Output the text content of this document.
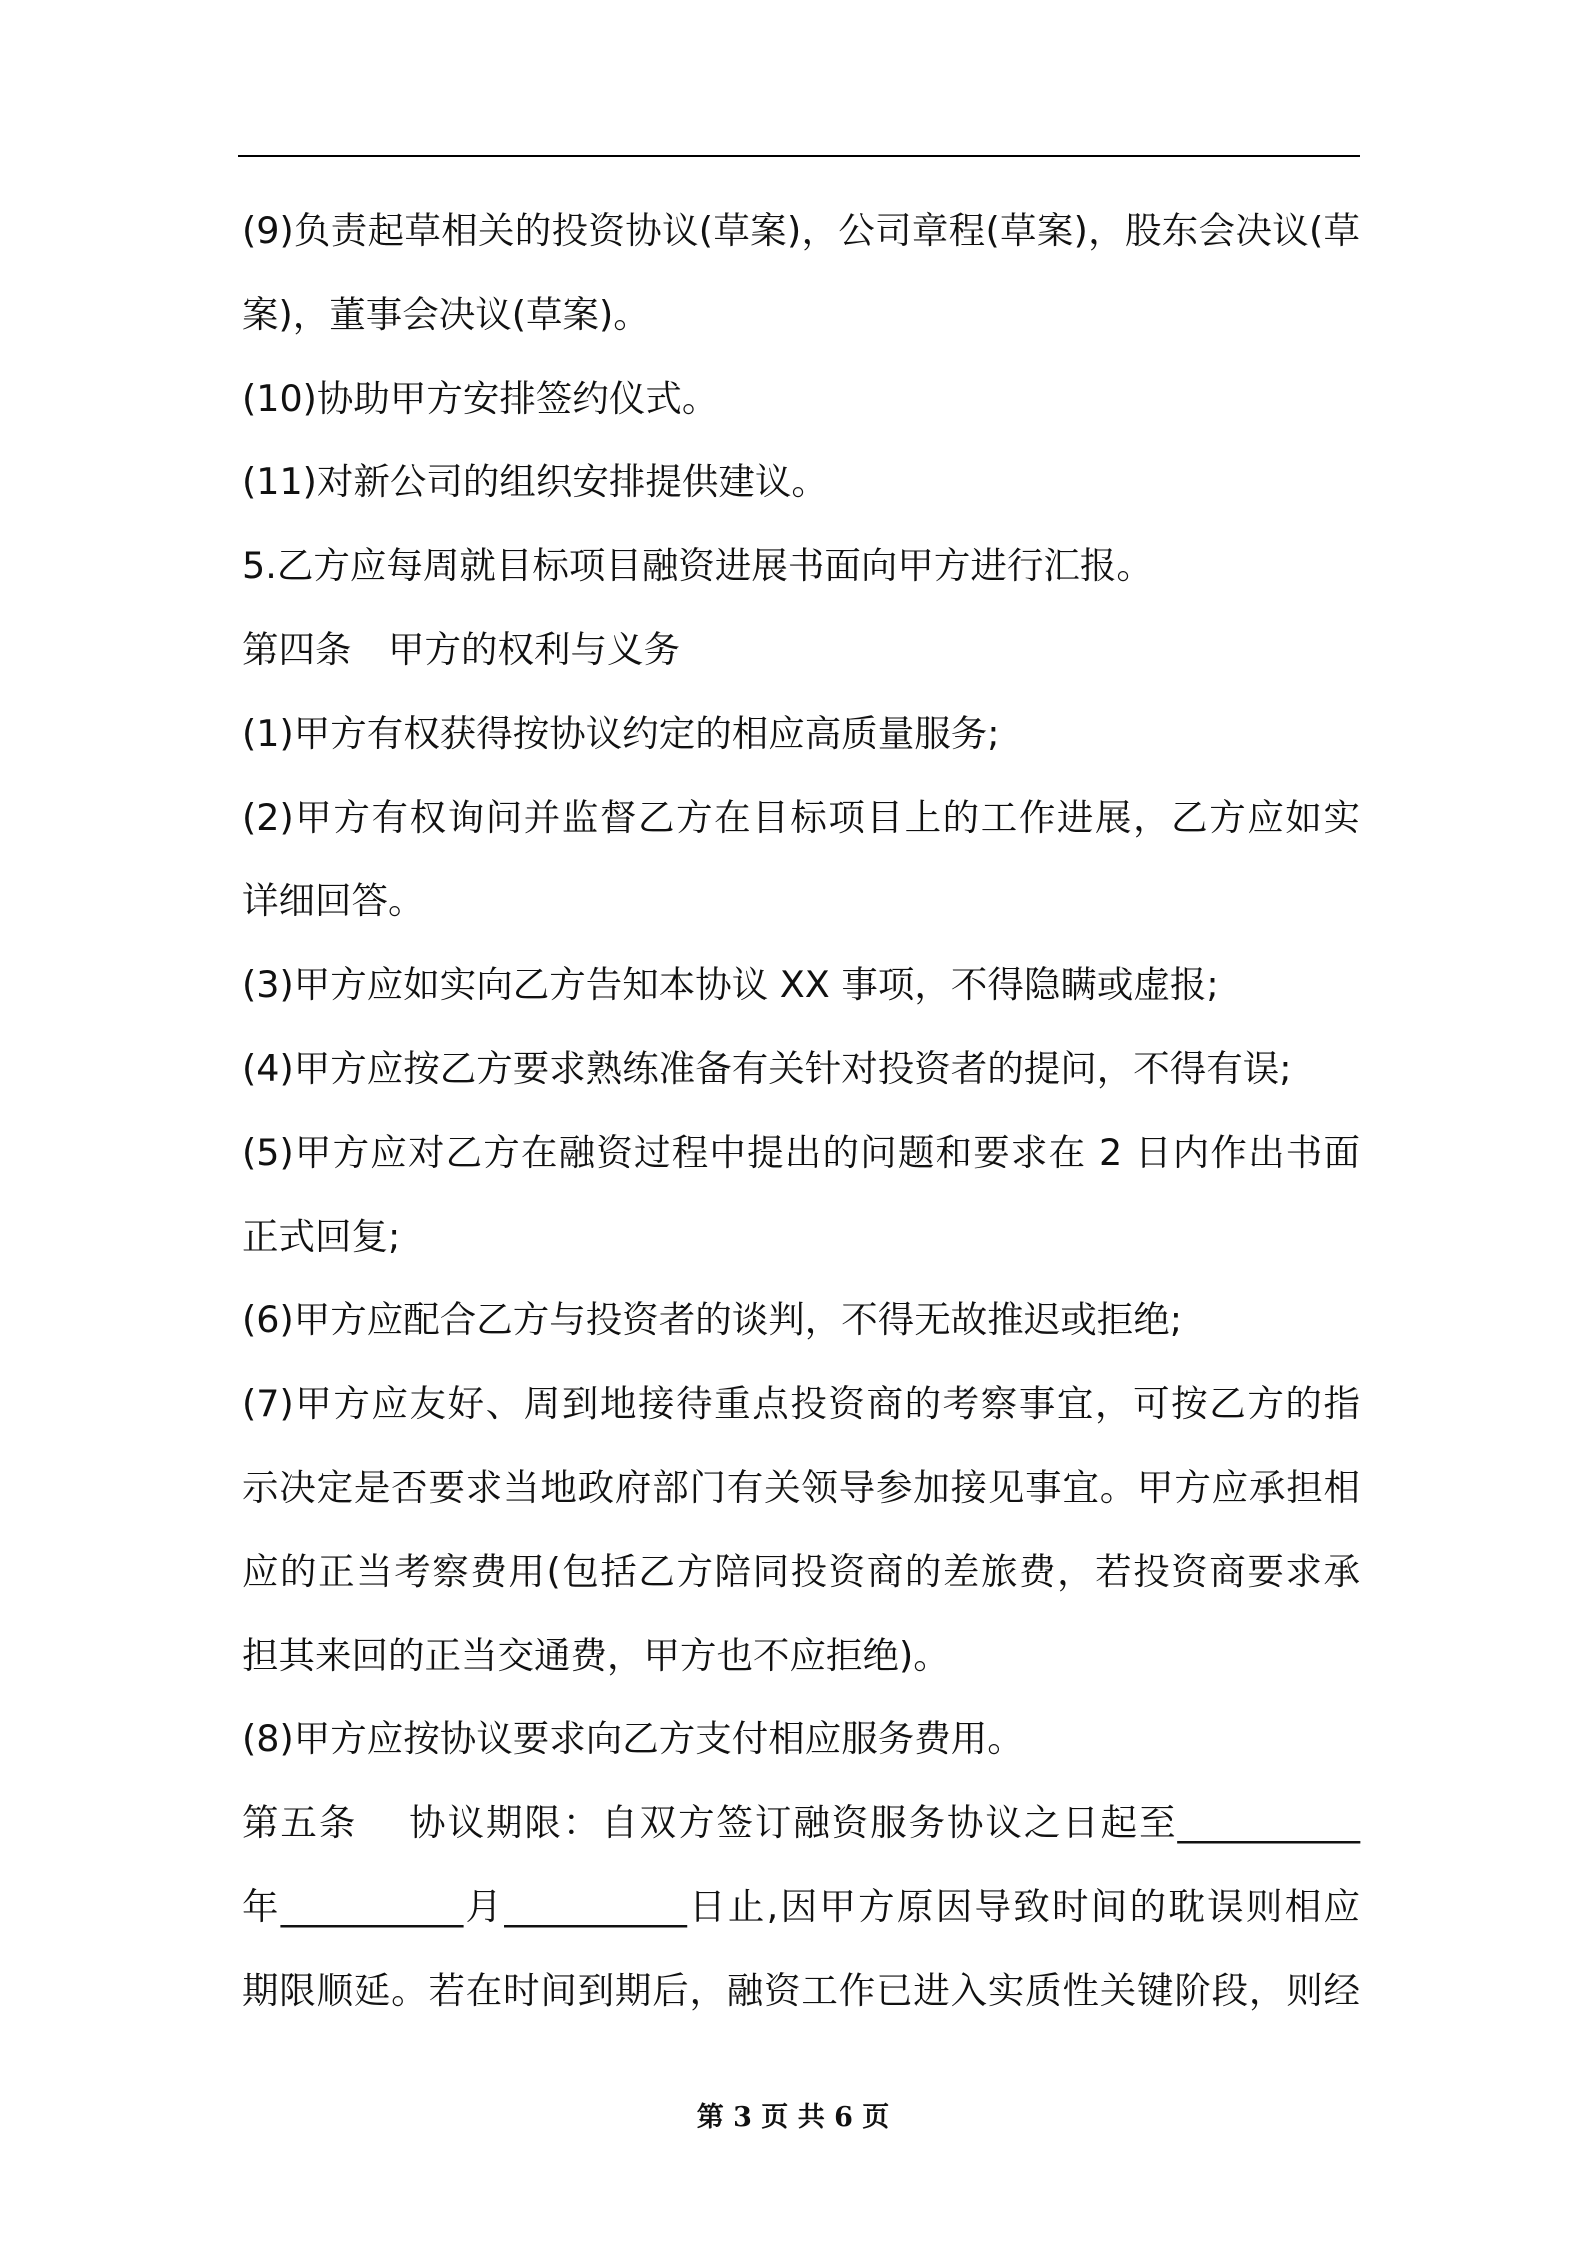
(9)负责起草相关的投资协议(草案)，公司章程(草案)，股东会决议(草
案)，董事会决议(草案)。
(10)协助甲方安排签约仪式。
(11)对新公司的组织安排提供建议。
5.乙方应每周就目标项目融资进展书面向甲方进行汇报。
第四条　甲方的权利与义务
(1)甲方有权获得按协议约定的相应高质量服务;
(2)甲方有权询问并监督乙方在目标项目上的工作进展，乙方应如实
详细回答。
(3)甲方应如实向乙方告知本协议 XX 事项，不得隐瞒或虚报;
(4)甲方应按乙方要求熟练准备有关针对投资者的提问，不得有误;
(5)甲方应对乙方在融资过程中提出的问题和要求在 2 日内作出书面
正式回复;
(6)甲方应配合乙方与投资者的谈判，不得无故推迟或拒绝;
(7)甲方应友好、周到地接待重点投资商的考察事宜，可按乙方的指
示决定是否要求当地政府部门有关领导参加接见事宜。甲方应承担相
应的正当考察费用(包括乙方陪同投资商的差旅费，若投资商要求承
担其来回的正当交通费，甲方也不应拒绝)。
(8)甲方应按协议要求向乙方支付相应服务费用。
第五条　 协议期限：自双方签订融资服务协议之日起至__________
年__________月__________日止,因甲方原因导致时间的耽误则相应
期限顺延。若在时间到期后，融资工作已进入实质性关键阶段，则经
第 3 页 共 6 页
